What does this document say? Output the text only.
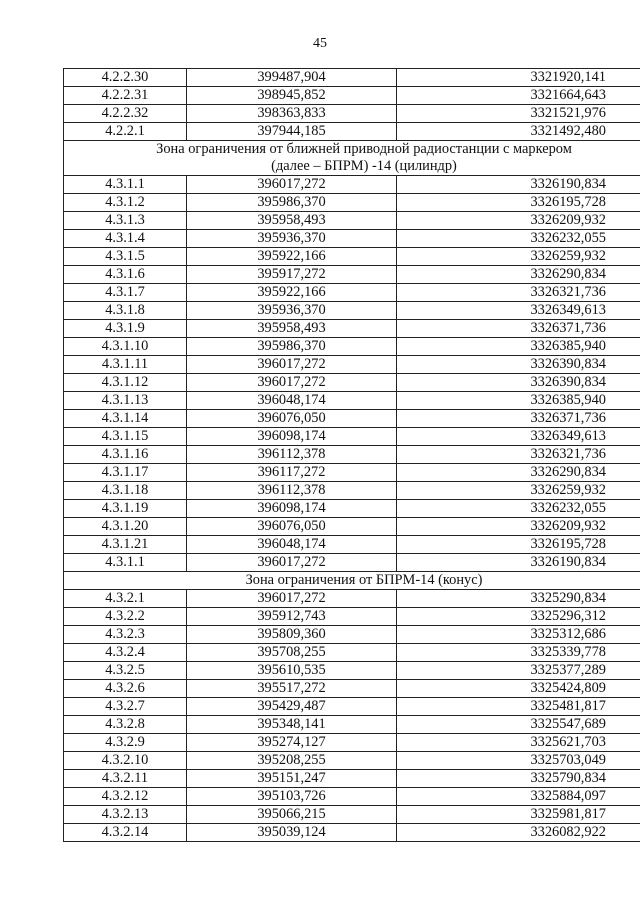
45
4.2.2.30	399487,904	3321920,141
4.2.2.31	398945,852	3321664,643
4.2.2.32	398363,833	3321521,976
4.2.2.1	397944,185	3321492,480
Зона ограничения от ближней приводной радиостанции с маркером
(далее – БПРМ) -14 (цилиндр)		
4.3.1.1	396017,272	3326190,834
4.3.1.2	395986,370	3326195,728
4.3.1.3	395958,493	3326209,932
4.3.1.4	395936,370	3326232,055
4.3.1.5	395922,166	3326259,932
4.3.1.6	395917,272	3326290,834
4.3.1.7	395922,166	3326321,736
4.3.1.8	395936,370	3326349,613
4.3.1.9	395958,493	3326371,736
4.3.1.10	395986,370	3326385,940
4.3.1.11	396017,272	3326390,834
4.3.1.12	396017,272	3326390,834
4.3.1.13	396048,174	3326385,940
4.3.1.14	396076,050	3326371,736
4.3.1.15	396098,174	3326349,613
4.3.1.16	396112,378	3326321,736
4.3.1.17	396117,272	3326290,834
4.3.1.18	396112,378	3326259,932
4.3.1.19	396098,174	3326232,055
4.3.1.20	396076,050	3326209,932
4.3.1.21	396048,174	3326195,728
4.3.1.1	396017,272	3326190,834
Зона ограничения от БПРМ-14 (конус)		
4.3.2.1	396017,272	3325290,834
4.3.2.2	395912,743	3325296,312
4.3.2.3	395809,360	3325312,686
4.3.2.4	395708,255	3325339,778
4.3.2.5	395610,535	3325377,289
4.3.2.6	395517,272	3325424,809
4.3.2.7	395429,487	3325481,817
4.3.2.8	395348,141	3325547,689
4.3.2.9	395274,127	3325621,703
4.3.2.10	395208,255	3325703,049
4.3.2.11	395151,247	3325790,834
4.3.2.12	395103,726	3325884,097
4.3.2.13	395066,215	3325981,817
4.3.2.14	395039,124	3326082,922
